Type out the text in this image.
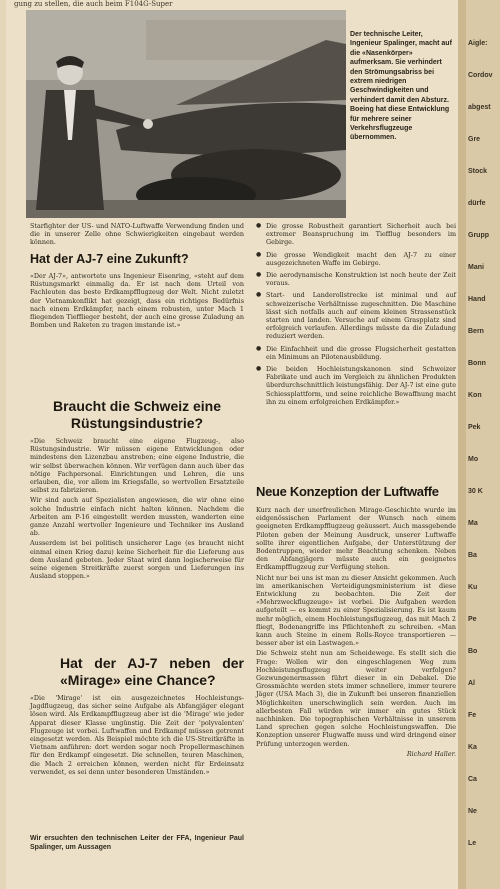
Aigle:
Cordov
abgest
Gre
Stock
dürfe
Grupp
Mani
Hand
Bern
Bonn
Kon
Pek
Mo
30 K
Ma
Ba
Ku
Pe
Bo
Al
Fe
Ka
Ca
Ne
Le
gung zu stellen, die auch beim F104G-Super
Der technische Leiter, Ingenieur Spalinger, macht auf die «Nasenkörper» aufmerksam. Sie verhindert den Strömungsabriss bei extrem niedrigen Geschwindigkeiten und verhindert damit den Absturz. Boeing hat diese Entwicklung für mehrere seiner Verkehrsflugzeuge übernommen.
Starfighter der US- und NATO-Luftwaffe Verwendung finden und die in unserer Zelle ohne Schwierigkeiten eingebaut werden können.
Hat der AJ-7 eine Zukunft?
«Der AJ-7», antwortete uns Ingenieur Eisenring, «steht auf dem Rüstungsmarkt einmalig da. Er ist nach dem Urteil von Fachleuten das beste Erdkampfflugzeug der Welt. Nicht zuletzt der Vietnamkonflikt hat gezeigt, dass ein richtiges Bedürfnis nach einem Erdkämpfer, nach einem robusten, unter Mach 1 fliegenden Tiefflieger besteht, der auch eine grosse Zuladung an Bomben und Raketen zu tragen imstande ist.»
Braucht die Schweiz eine Rüstungsindustrie?

«Die Schweiz braucht eine eigene Flugzeug-, also Rüstungsindustrie. Wir müssen eigene Entwicklungen oder mindestens den Lizenzbau anstreben; eine eigene Industrie, die wir selbst überwachen können. Wir verfügen dann auch über das nötige Fachpersonal. Einrichtungen und Lehren, die uns erlauben, die, vor allem im Kriegsfalle, so wertvollen Ersatzteile selbst zu fabrizieren.

Wir sind auch auf Spezialisten angewiesen, die wir ohne eine solche Industrie einfach nicht halten können. Nachdem die Arbeiten am P-16 eingestellt werden mussten, wanderten eine ganze Anzahl wertvoller Ingenieure und Techniker ins Ausland ab.

Ausserdem ist bei politisch unsicherer Lage (es braucht nicht einmal einen Krieg dazu) keine Sicherheit für die Lieferung aus dem Ausland geboten. Jeder Staat wird dann logischerweise für seine eigenen Streitkräfte zuerst sorgen und Lieferungen ins Ausland stoppen.»

Hat der AJ-7 neben der «Mirage» eine Chance?
«Die 'Mirage' ist ein ausgezeichnetes Hochleistungs-Jagdflugzeug, das sicher seine Aufgabe als Abfangjäger elegant lösen wird. Als Erdkampfflugzeug aber ist die 'Mirage' wie jeder Apparat dieser Klasse ungünstig. Die Zeit der 'polyvalenten' Flugzeuge ist vorbei. Luftwaffen und Erdkampf müssen getrennt eingesetzt werden. Als Beispiel möchte ich die US-Streitkräfte in Vietnam anführen: dort werden sogar noch Propellermaschinen für den Erdkampf eingesetzt. Die schnellen, teuren Maschinen, die Mach 2 erreichen können, werden nicht für Erdeinsatz verwendet, es sei denn unter besonderen Umständen.»
Wir ersuchten den technischen Leiter der FFA, Ingenieur Paul Spalinger, um Aussagen
● Die grosse Robustheit garantiert Sicherheit auch bei extremer Beanspruchung im Tiefflug besonders im Gebirge.
● Die grosse Wendigkeit macht den AJ-7 zu einer ausgezeichneten Waffe im Gebirge.
● Die aerodynamische Konstruktion ist noch heute der Zeit voraus.
● Start- und Landerollstrecke ist minimal und auf schweizerische Verhältnisse zugeschnitten. Die Maschine lässt sich notfalls auch auf einem kleinen Strassenstück starten und landen. Versuche auf einem Graspplatz sind erfolgreich verlaufen. Allerdings müsste da die Zuladung reduziert werden.
● Die Einfachheit und die grosse Flugsicherheit gestatten ein Minimum an Pilotenausbildung.
● Die beiden Hochleistungskanonen sind Schweizer Fabrikate und auch im Vergleich zu ähnlichen Produkten überdurchschnittlich leistungsfähig. Der AJ-7 ist eine gute Schiessplattform, und seine reichliche Bewaffnung macht ihn zu einem erfolgreichen Erdkämpfer.»
Neue Konzeption der Luftwaffe

Kurz nach der unerfreulichen Mirage-Geschichte wurde im eidgenössischen Parlament der Wunsch nach einem geeigneten Erdkampfflugzeug geäussert. Auch massgebende Piloten geben der Meinung Ausdruck, unserer Luftwaffe sollte ihrer eigentlichen Aufgabe, der Unterstützung der Bodentruppen, wieder mehr Beachtung schenken. Neben den Abfangjägern müsste auch ein geeignetes Erdkampfflugzeug zur Verfügung stehen.

Nicht nur bei uns ist man zu dieser Ansicht gekommen. Auch im amerikanischen Verteidigungsministerium ist diese Entwicklung zu beobachten. Die Zeit der «Mehrzweckflugzeuge» ist vorbei. Die Aufgaben werden aufgeteilt — es kommt zu einer Spezialisierung. Es ist kaum mehr möglich, einem Hochleistungsflugzeug, das mit Mach 2 fliegt, Bodenangriffe ins Pflichtenheft zu schreiben. «Man kann auch Steine in einem Rolls-Royce transportieren — besser aber ist ein Lastwagen.»

Die Schweiz steht nun am Scheidewege. Es stellt sich die Frage: Wollen wir den eingeschlagenen Weg zum Hochleistungsflugzeug weiter verfolgen? Gezwungenermassen führt dieser in ein Debakel. Die Grossmächte werden stets immer schnellere, immer teurere Jäger (USA Mach 3), die in Zukunft bei unseren finanziellen Möglichkeiten unerschwinglich sein werden. Auch im allerbesten Fall würden wir immer ein gutes Stück nachhinken. Die topographischen Verhältnisse in unserem Land sprechen gegen solche Hochleistungswaffen. Die Konzeption unserer Flugwaffe muss und wird dringend einer Prüfung unterzogen werden.

Richard Haller.
